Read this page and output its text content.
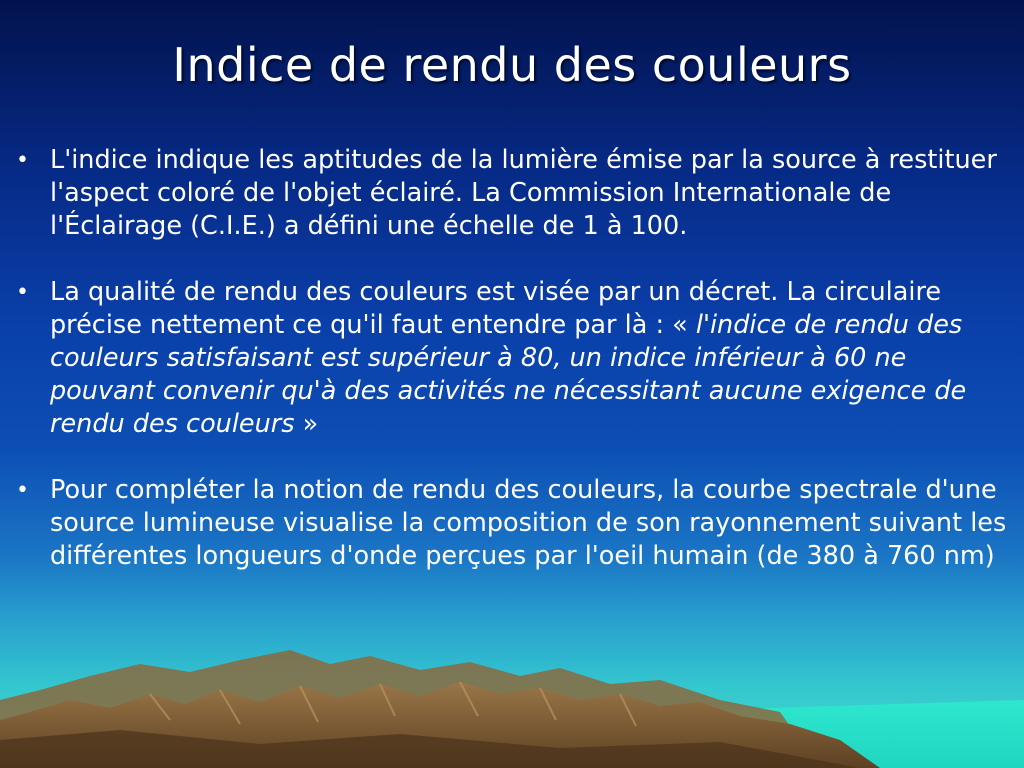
Indice de rendu des couleurs
• L'indice indique les aptitudes de la lumière émise par la source à restituer l'aspect coloré de l'objet éclairé. La Commission Internationale de l'Éclairage (C.I.E.) a défini une échelle de 1 à 100.
• La qualité de rendu des couleurs est visée par un décret. La circulaire précise nettement ce qu'il faut entendre par là : « l'indice de rendu des couleurs satisfaisant est supérieur à 80, un indice inférieur à 60 ne pouvant convenir qu'à des activités ne nécessitant aucune exigence de rendu des couleurs »
• Pour compléter la notion de rendu des couleurs, la courbe spectrale d'une source lumineuse visualise la composition de son rayonnement suivant les différentes longueurs d'onde perçues par l'oeil humain (de 380 à 760 nm)
